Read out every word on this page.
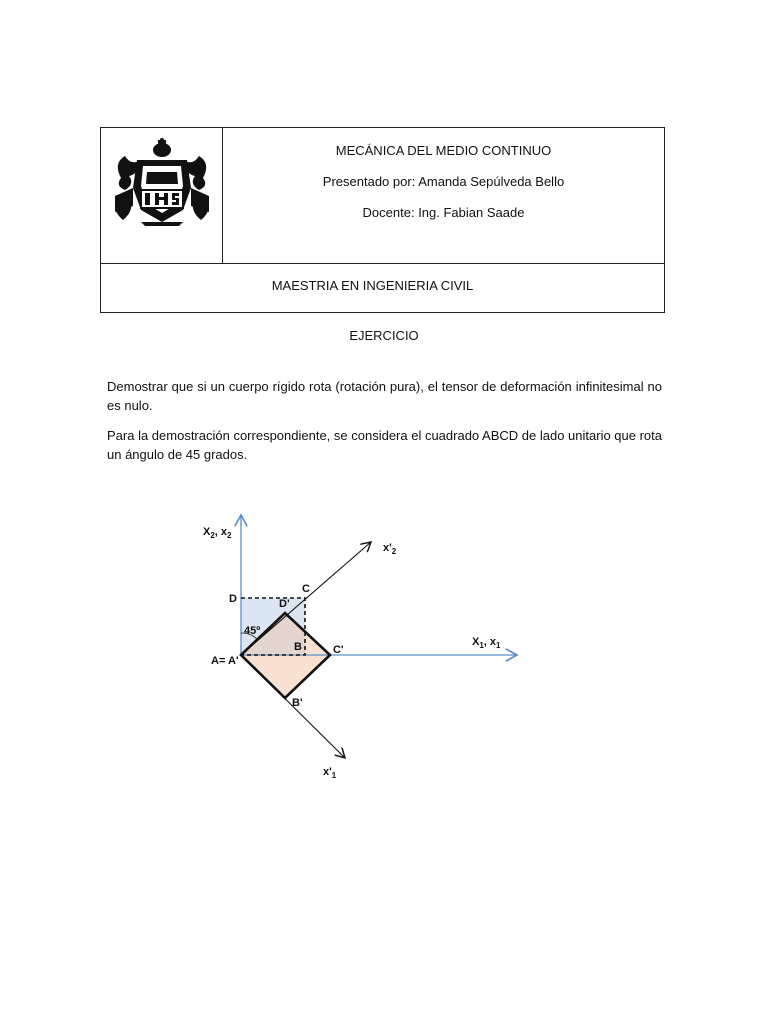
MECÁNICA DEL MEDIO CONTINUO
Presentado por: Amanda Sepúlveda Bello
Docente: Ing. Fabian Saade
MAESTRIA EN INGENIERIA CIVIL
EJERCICIO

Demostrar que si un cuerpo rígido rota (rotación pura), el tensor de deformación infinitesimal no es nulo.

Para la demostración correspondiente, se considera el cuadrado ABCD de lado unitario que rota un ángulo de 45 grados.

$X_2$, $x_2$
$X_1$, $x_1$
$x'_2$
$x'_1$
D
C
D'
B	C'
B'
A= A'
45º
